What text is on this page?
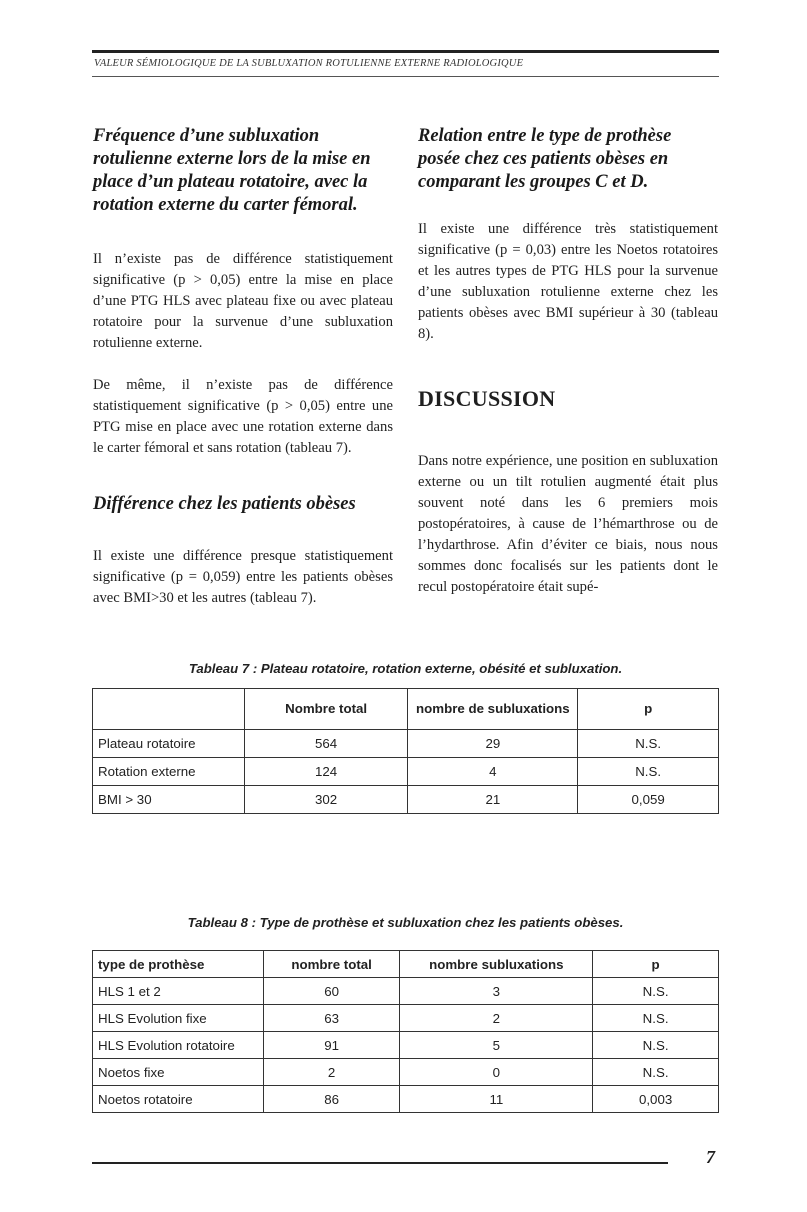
VALEUR SÉMIOLOGIQUE DE LA SUBLUXATION ROTULIENNE EXTERNE RADIOLOGIQUE
Fréquence d’une subluxation rotulienne externe lors de la mise en place d’un plateau rotatoire, avec la rotation externe du carter fémoral.

Il n’existe pas de différence statistiquement significative (p > 0,05) entre la mise en place d’une PTG HLS avec plateau fixe ou avec plateau rotatoire pour la survenue d’une subluxation rotulienne externe.

De même, il n’existe pas de différence statistiquement significative (p > 0,05) entre une PTG mise en place avec une rotation externe dans le carter fémoral et sans rotation (tableau 7).

Différence chez les patients obèses

Il existe une différence presque statistiquement significative (p = 0,059) entre les patients obèses avec BMI>30 et les autres (tableau 7).

Relation entre le type de prothèse posée chez ces patients obèses en comparant les groupes C et D.

Il existe une différence très statistiquement significative (p = 0,03) entre les Noetos rotatoires et les autres types de PTG HLS pour la survenue d’une subluxation rotulienne externe chez les patients obèses avec BMI supérieur à 30 (tableau 8).

DISCUSSION

Dans notre expérience, une position en subluxation externe ou un tilt rotulien augmenté était plus souvent noté dans les 6 premiers mois postopératoires, à cause de l’hémarthrose ou de l’hydarthrose. Afin d’éviter ce biais, nous nous sommes donc focalisés sur les patients dont le recul postopératoire était supé-

Tableau 7 : Plateau rotatoire, rotation externe, obésité et subluxation.
	Nombre total	nombre de subluxations	p
Plateau rotatoire	564	29	N.S.
Rotation externe	124	4	N.S.
BMI > 30	302	21	0,059
Tableau 8 : Type de prothèse et subluxation chez les patients obèses.
type de prothèse	nombre total	nombre subluxations	p
HLS 1 et 2	60	3	N.S.
HLS Evolution fixe	63	2	N.S.
HLS Evolution rotatoire	91	5	N.S.
Noetos fixe	2	0	N.S.
Noetos rotatoire	86	11	0,003
7
